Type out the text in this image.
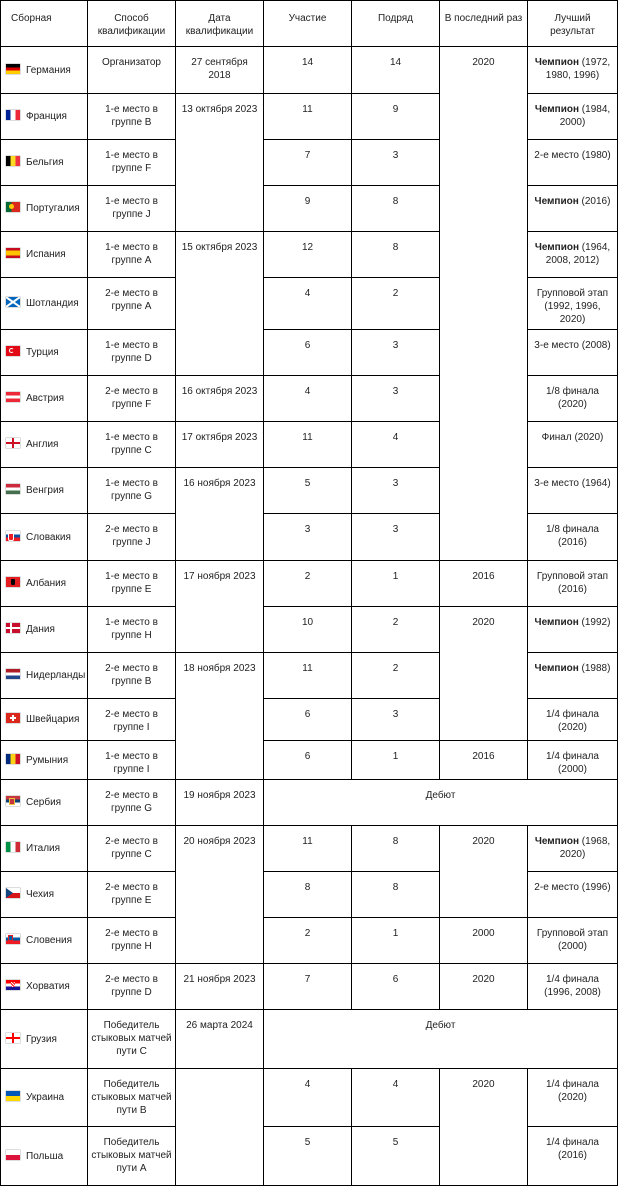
Сборная	Способ квалификации	Дата квалификации	Участие	Подряд	В последний раз	Лучший результат
Германия	Организатор	27 сентября 2018	14	14	2020	Чемпион (1972, 1980, 1996)
Франция	1-е место в группе B	13 октября 2023	11	9		Чемпион (1984, 2000)
Бельгия	1-е место в группе F		7	3		2-е место (1980)
Португалия	1-е место в группе J		9	8		Чемпион (2016)
Испания	1-е место в группе A	15 октября 2023	12	8		Чемпион (1964, 2008, 2012)
Шотландия	2-е место в группе A		4	2		Групповой этап (1992, 1996, 2020)
Турция	1-е место в группе D		6	3		3-е место (2008)
Австрия	2-е место в группе F	16 октября 2023	4	3		1/8 финала (2020)
Англия	1-е место в группе C	17 октября 2023	11	4		Финал (2020)
Венгрия	1-е место в группе G	16 ноября 2023	5	3		3-е место (1964)
Словакия	2-е место в группе J		3	3		1/8 финала (2016)
Албания	1-е место в группе E	17 ноября 2023	2	1	2016	Групповой этап (2016)
Дания	1-е место в группе H		10	2	2020	Чемпион (1992)
Нидерланды	2-е место в группе B	18 ноября 2023	11	2		Чемпион (1988)
Швейцария	2-е место в группе I		6	3		1/4 финала (2020)
Румыния	1-е место в группе I		6	1	2016	1/4 финала (2000)
Сербия	2-е место в группе G	19 ноября 2023	Дебют			
Италия	2-е место в группе C	20 ноября 2023	11	8	2020	Чемпион (1968, 2020)
Чехия	2-е место в группе E		8	8		2-е место (1996)
Словения	2-е место в группе H		2	1	2000	Групповой этап (2000)
Хорватия	2-е место в группе D	21 ноября 2023	7	6	2020	1/4 финала (1996, 2008)
Грузия	Победитель стыковых матчей пути C	26 марта 2024	Дебют			
Украина	Победитель стыковых матчей пути B		4	4	2020	1/4 финала (2020)
Польша	Победитель стыковых матчей пути A		5	5		1/4 финала (2016)
